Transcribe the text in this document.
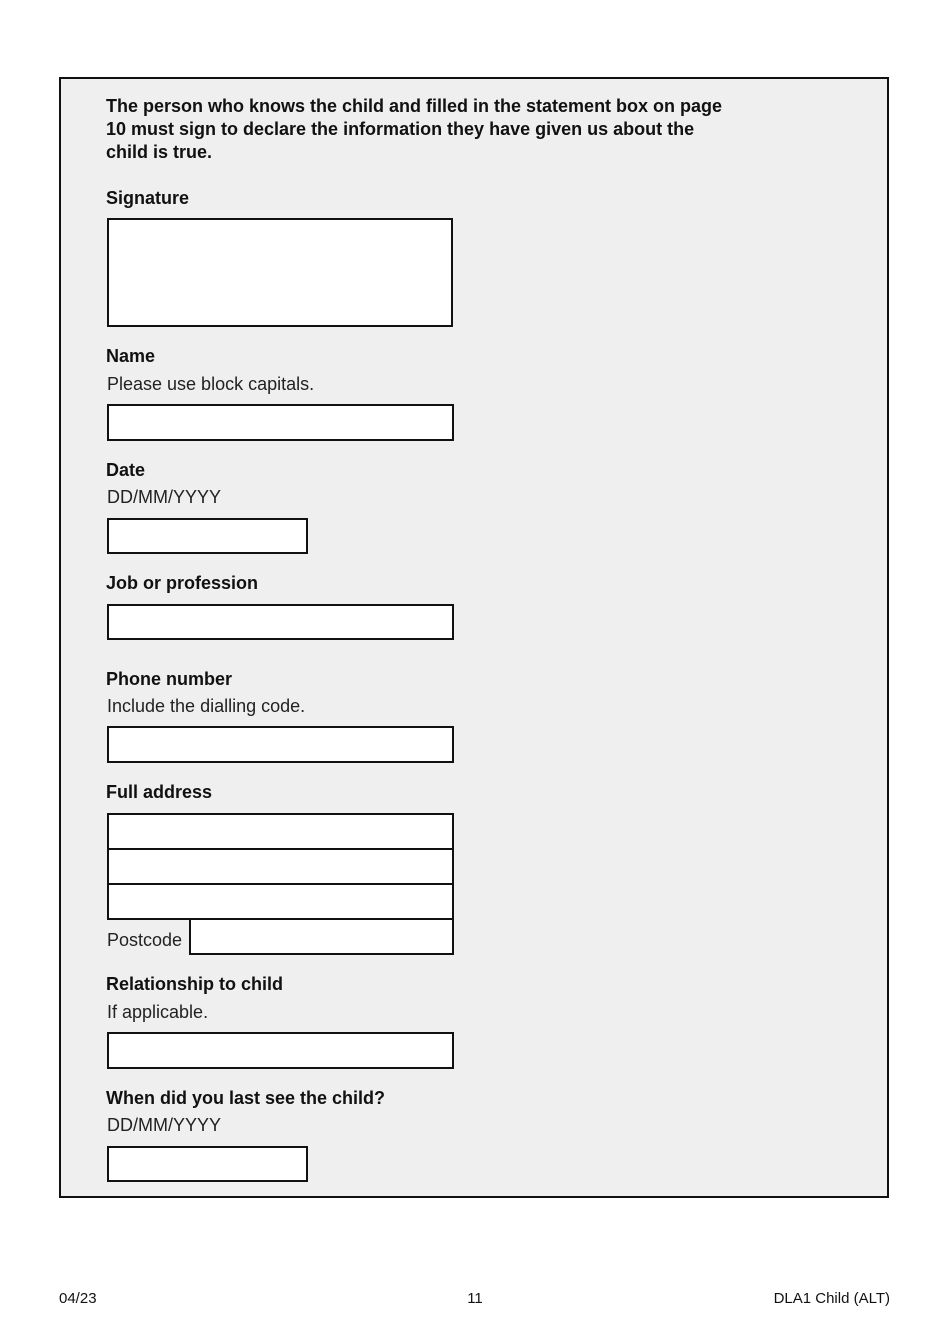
The person who knows the child and filled in the statement box on page 10 must sign to declare the information they have given us about the child is true.
Signature
Name
Please use block capitals.
Date
DD/MM/YYYY
Job or profession
Phone number
Include the dialling code.
Full address
Postcode
Relationship to child
If applicable.
When did you last see the child?
DD/MM/YYYY
04/23	11	DLA1 Child (ALT)
